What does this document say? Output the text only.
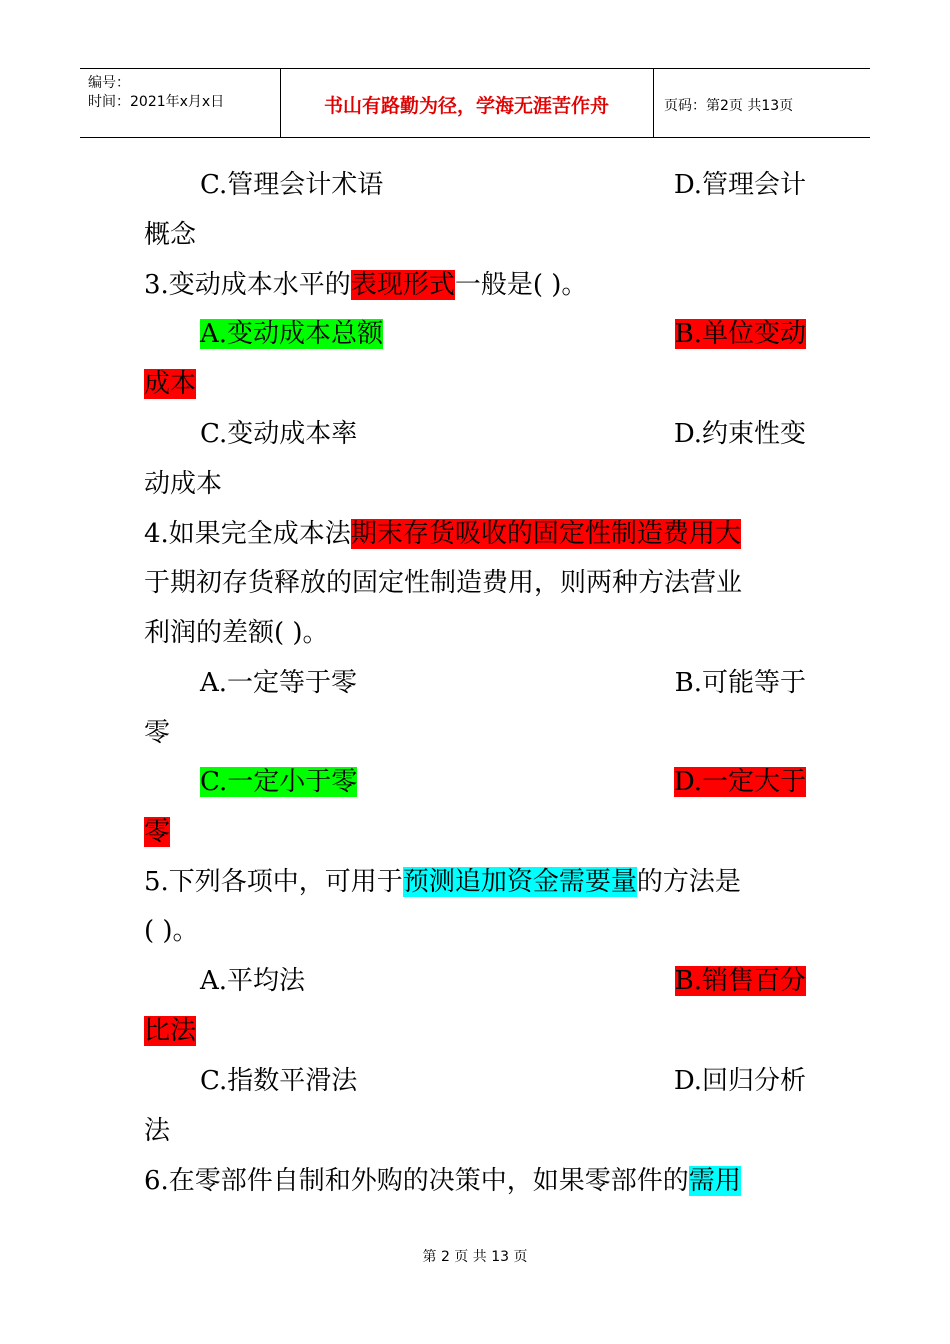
编号：
时间：2021年x月x日	书山有路勤为径，学海无涯苦作舟	页码：第2页 共13页
C.管理会计术语	D.管理会计
概念
3.变动成本水平的表现形式一般是( )。
A.变动成本总额	B.单位变动
成本
C.变动成本率	D.约束性变
动成本
4.如果完全成本法期末存货吸收的固定性制造费用大
于期初存货释放的固定性制造费用，则两种方法营业
利润的差额( )。
A.一定等于零	B.可能等于
零
C.一定小于零	D.一定大于
零
5.下列各项中，可用于预测追加资金需要量的方法是
( )。
A.平均法	B.销售百分
比法
C.指数平滑法	D.回归分析
法
6.在零部件自制和外购的决策中，如果零部件的需用
第 2 页 共 13 页
